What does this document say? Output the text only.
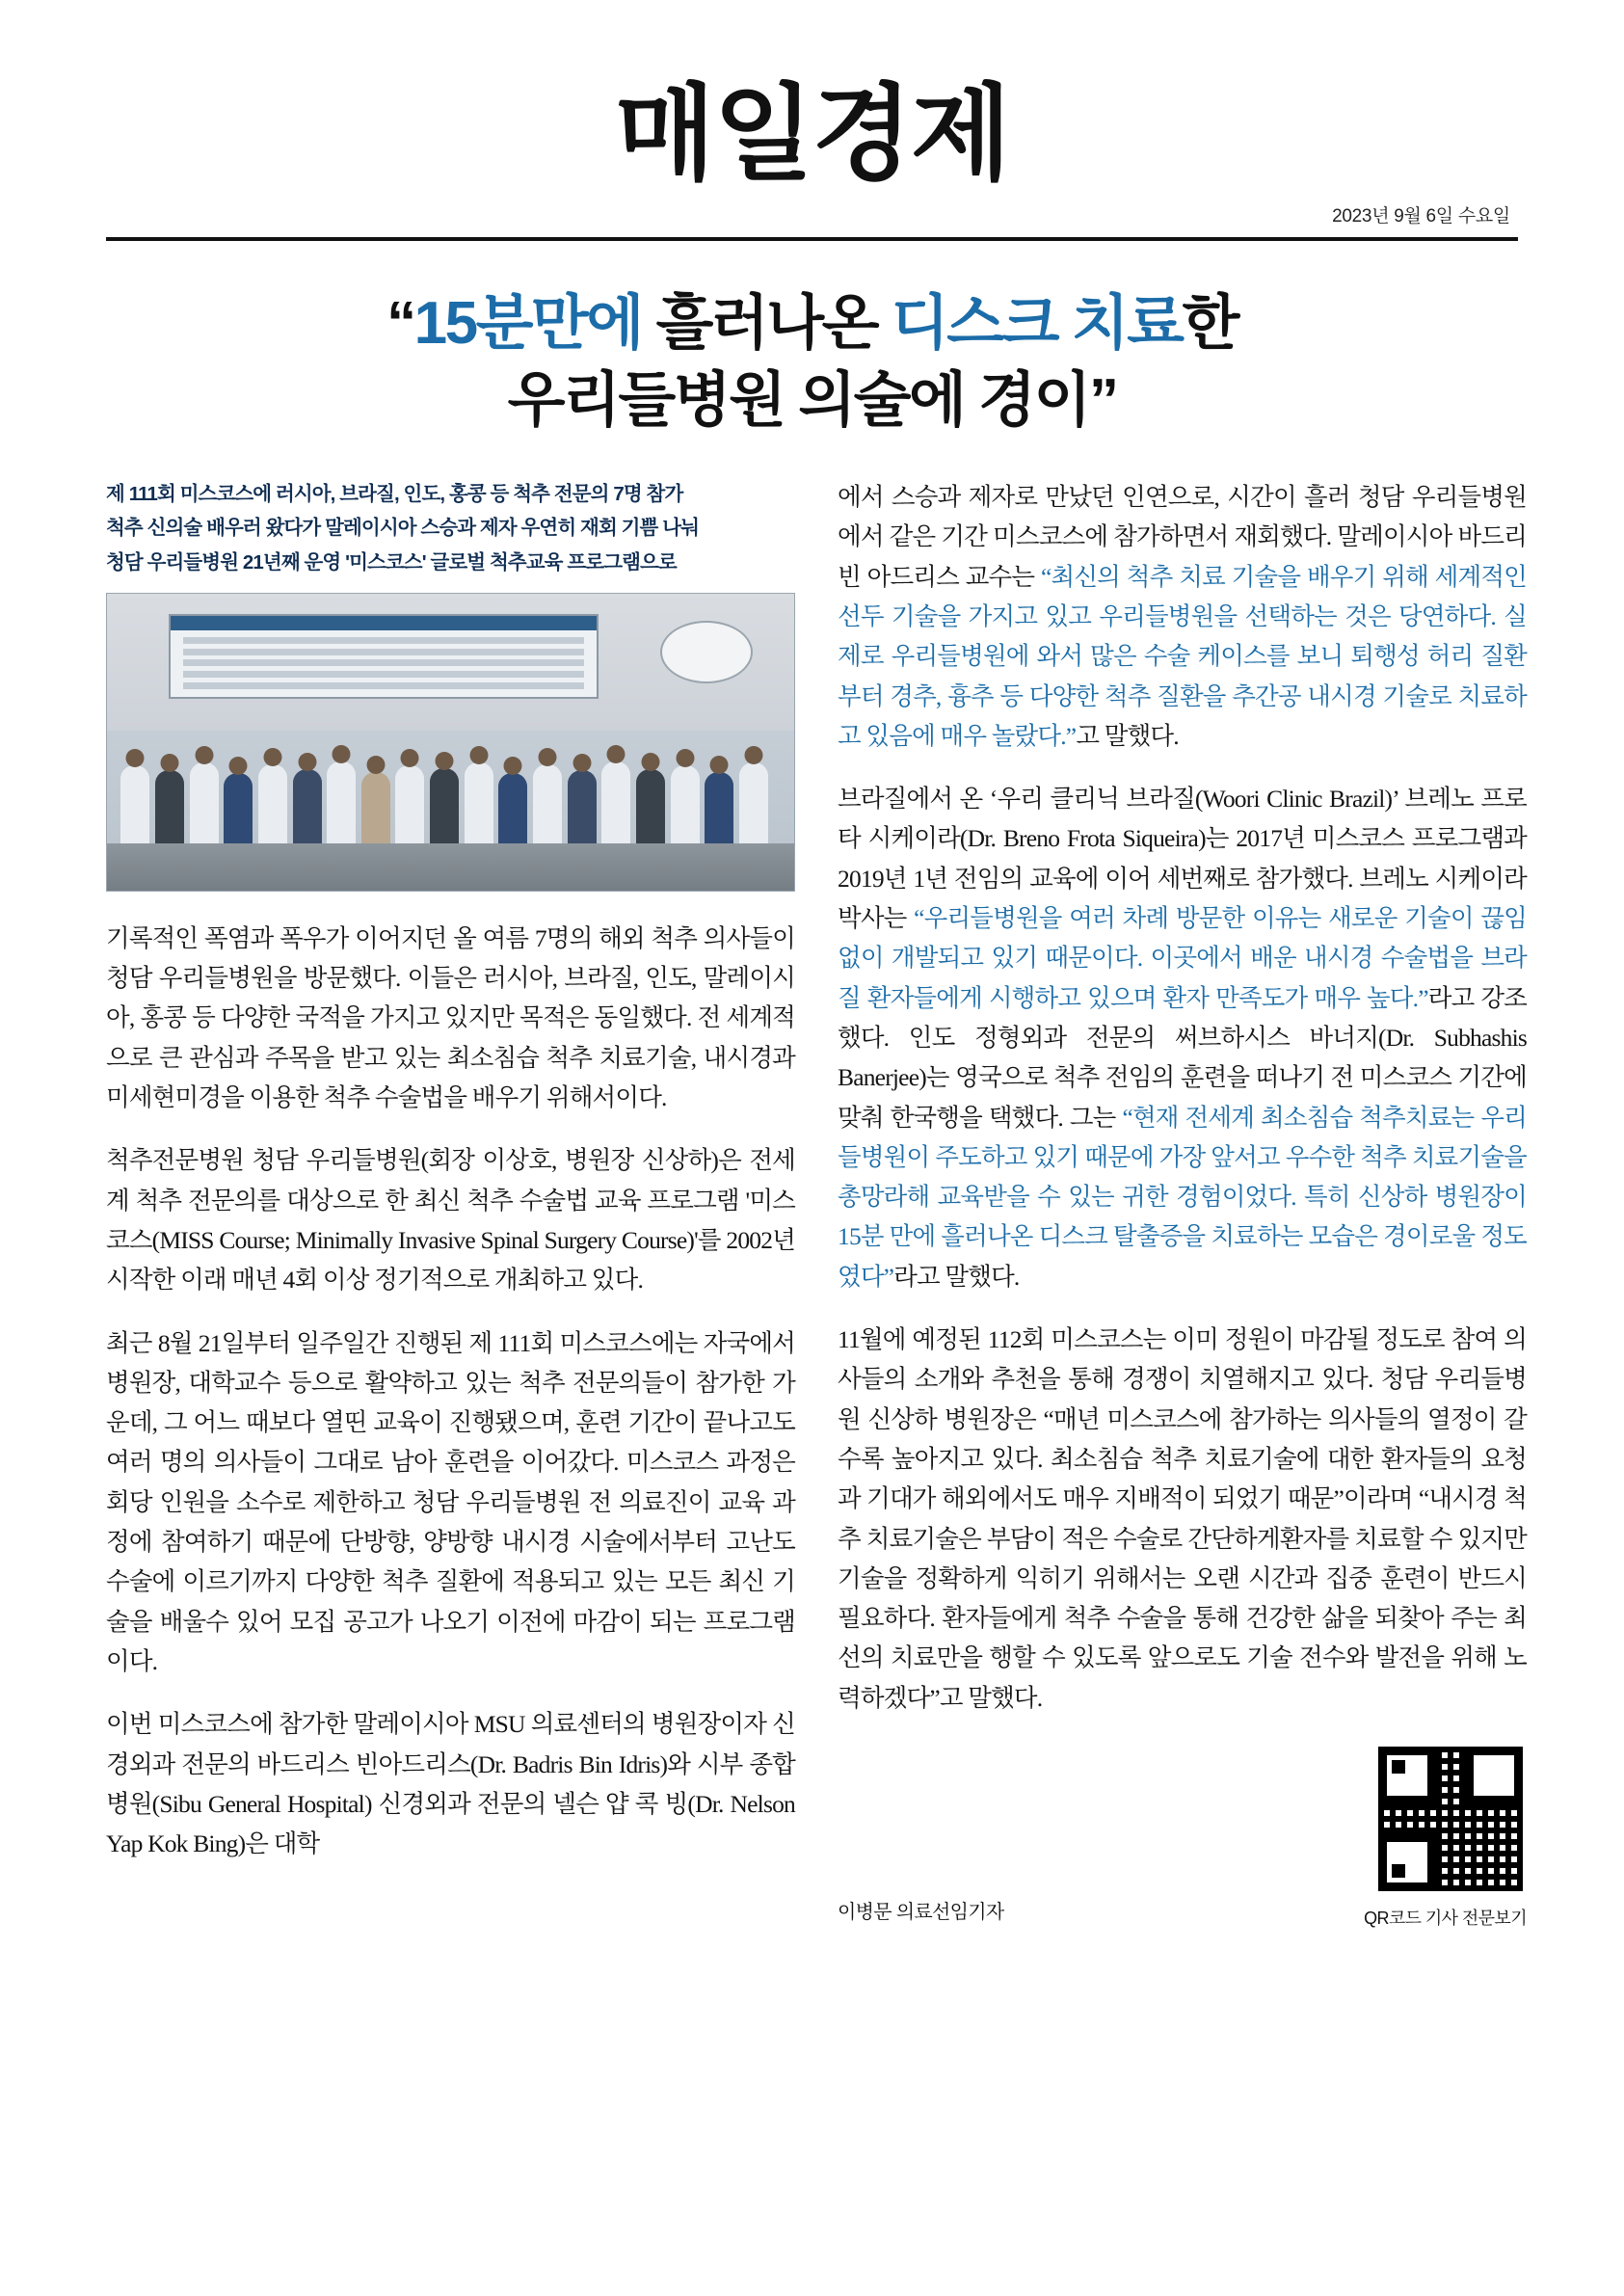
매일경제
2023년 9월 6일 수요일
“15분만에 흘러나온 디스크 치료한
우리들병원 의술에 경이”
제 111회 미스코스에 러시아, 브라질, 인도, 홍콩 등 척추 전문의 7명 참가
척추 신의술 배우러 왔다가 말레이시아 스승과 제자 우연히 재회 기쁨 나눠
청담 우리들병원 21년째 운영 '미스코스' 글로벌 척추교육 프로그램으로

기록적인 폭염과 폭우가 이어지던 올 여름 7명의 해외 척추 의사들이 청담 우리들병원을 방문했다. 이들은 러시아, 브라질, 인도, 말레이시아, 홍콩 등 다양한 국적을 가지고 있지만 목적은 동일했다. 전 세계적으로 큰 관심과 주목을 받고 있는 최소침습 척추 치료기술, 내시경과 미세현미경을 이용한 척추 수술법을 배우기 위해서이다.

척추전문병원 청담 우리들병원(회장 이상호, 병원장 신상하)은 전세계 척추 전문의를 대상으로 한 최신 척추 수술법 교육 프로그램 '미스코스(MISS Course; Minimally Invasive Spinal Surgery Course)'를 2002년 시작한 이래 매년 4회 이상 정기적으로 개최하고 있다.

최근 8월 21일부터 일주일간 진행된 제 111회 미스코스에는 자국에서 병원장, 대학교수 등으로 활약하고 있는 척추 전문의들이 참가한 가운데, 그 어느 때보다 열띤 교육이 진행됐으며, 훈련 기간이 끝나고도 여러 명의 의사들이 그대로 남아 훈련을 이어갔다. 미스코스 과정은 회당 인원을 소수로 제한하고 청담 우리들병원 전 의료진이 교육 과정에 참여하기 때문에 단방향, 양방향 내시경 시술에서부터 고난도 수술에 이르기까지 다양한 척추 질환에 적용되고 있는 모든 최신 기술을 배울수 있어 모집 공고가 나오기 이전에 마감이 되는 프로그램이다.

이번 미스코스에 참가한 말레이시아 MSU 의료센터의 병원장이자 신경외과 전문의 바드리스 빈아드리스(Dr. Badris Bin Idris)와 시부 종합병원(Sibu General Hospital) 신경외과 전문의 넬슨 얍 콕 빙(Dr. Nelson Yap Kok Bing)은 대학

에서 스승과 제자로 만났던 인연으로, 시간이 흘러 청담 우리들병원에서 같은 기간 미스코스에 참가하면서 재회했다. 말레이시아 바드리빈 아드리스 교수는 “최신의 척추 치료 기술을 배우기 위해 세계적인 선두 기술을 가지고 있고 우리들병원을 선택하는 것은 당연하다. 실제로 우리들병원에 와서 많은 수술 케이스를 보니 퇴행성 허리 질환부터 경추, 흉추 등 다양한 척추 질환을 추간공 내시경 기술로 치료하고 있음에 매우 놀랐다.”고 말했다.

브라질에서 온 ‘우리 클리닉 브라질(Woori Clinic Brazil)’ 브레노 프로타 시케이라(Dr. Breno Frota Siqueira)는 2017년 미스코스 프로그램과 2019년 1년 전임의 교육에 이어 세번째로 참가했다. 브레노 시케이라 박사는 “우리들병원을 여러 차례 방문한 이유는 새로운 기술이 끊임없이 개발되고 있기 때문이다. 이곳에서 배운 내시경 수술법을 브라질 환자들에게 시행하고 있으며 환자 만족도가 매우 높다.”라고 강조했다. 인도 정형외과 전문의 써브하시스 바너지(Dr. Subhashis Banerjee)는 영국으로 척추 전임의 훈련을 떠나기 전 미스코스 기간에 맞춰 한국행을 택했다. 그는 “현재 전세계 최소침습 척추치료는 우리들병원이 주도하고 있기 때문에 가장 앞서고 우수한 척추 치료기술을 총망라해 교육받을 수 있는 귀한 경험이었다. 특히 신상하 병원장이 15분 만에 흘러나온 디스크 탈출증을 치료하는 모습은 경이로울 정도였다”라고 말했다.

11월에 예정된 112회 미스코스는 이미 정원이 마감될 정도로 참여 의사들의 소개와 추천을 통해 경쟁이 치열해지고 있다. 청담 우리들병원 신상하 병원장은 “매년 미스코스에 참가하는 의사들의 열정이 갈수록 높아지고 있다. 최소침습 척추 치료기술에 대한 환자들의 요청과 기대가 해외에서도 매우 지배적이 되었기 때문”이라며 “내시경 척추 치료기술은 부담이 적은 수술로 간단하게환자를 치료할 수 있지만 기술을 정확하게 익히기 위해서는 오랜 시간과 집중 훈련이 반드시 필요하다. 환자들에게 척추 수술을 통해 건강한 삶을 되찾아 주는 최선의 치료만을 행할 수 있도록 앞으로도 기술 전수와 발전을 위해 노력하겠다”고 말했다.

이병문 의료선임기자	QR코드 기사 전문보기
